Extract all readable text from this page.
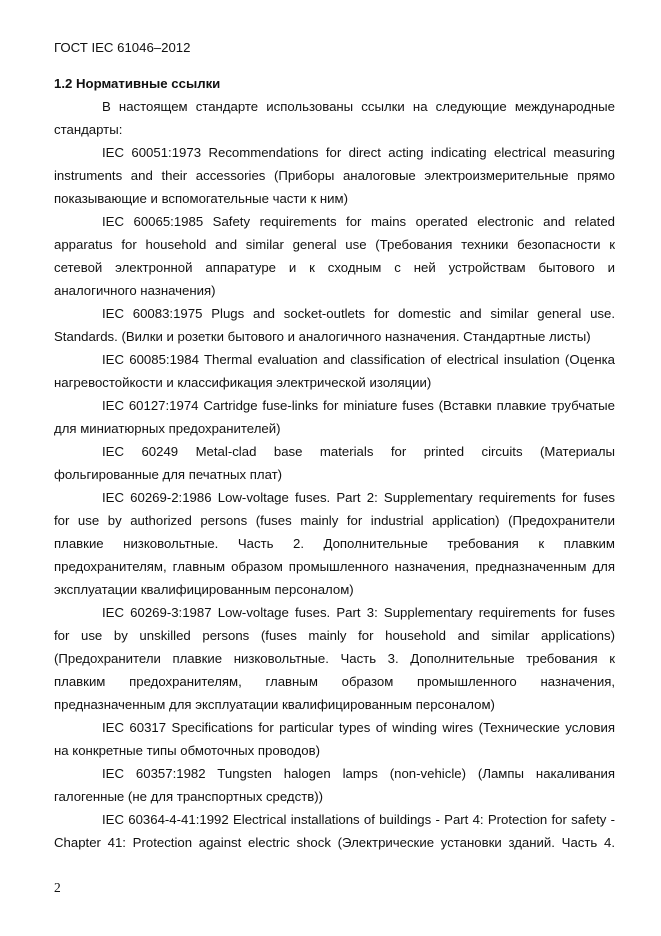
ГОСТ IEC 61046–2012
1.2 Нормативные ссылки
В настоящем стандарте использованы ссылки на следующие международные
стандарты:
IEC 60051:1973 Recommendations for direct acting indicating electrical measuring
instruments and their accessories (Приборы аналоговые электроизмерительные прямо
показывающие и вспомогательные части к ним)
IEC 60065:1985 Safety requirements for mains operated electronic and related
apparatus for household and similar general use (Требования техники безопасности к
сетевой электронной аппаратуре и к сходным с ней устройствам бытового и
аналогичного назначения)
IEC 60083:1975 Plugs and socket-outlets for domestic and similar general use.
Standards. (Вилки и розетки бытового и аналогичного назначения. Стандартные листы)
IEC 60085:1984 Thermal evaluation and classification of electrical insulation (Оценка
нагревостойкости и классификация электрической изоляции)
IEC 60127:1974 Cartridge fuse-links for miniature fuses (Вставки плавкие трубчатые
для миниатюрных предохранителей)
IEC 60249 Metal-clad base materials for printed circuits (Материалы
фольгированные для печатных плат)
IEC 60269-2:1986 Low-voltage fuses. Part 2: Supplementary requirements for fuses
for use by authorized persons (fuses mainly for industrial application) (Предохранители
плавкие низковольтные. Часть 2. Дополнительные требования к плавким
предохранителям, главным образом промышленного назначения, предназначенным для
эксплуатации квалифицированным персоналом)
IEC 60269-3:1987 Low-voltage fuses. Part 3: Supplementary requirements for fuses
for use by unskilled persons (fuses mainly for household and similar applications)
(Предохранители плавкие низковольтные. Часть 3. Дополнительные требования к
плавким предохранителям, главным образом промышленного назначения,
предназначенным для эксплуатации квалифицированным персоналом)
IEC 60317 Specifications for particular types of winding wires (Технические условия
на конкретные типы обмоточных проводов)
IEC 60357:1982 Tungsten halogen lamps (non-vehicle) (Лампы накаливания
галогенные (не для транспортных средств))
IEC 60364-4-41:1992 Electrical installations of buildings - Part 4: Protection for safety -
Chapter 41: Protection against electric shock (Электрические установки зданий. Часть 4.
2
